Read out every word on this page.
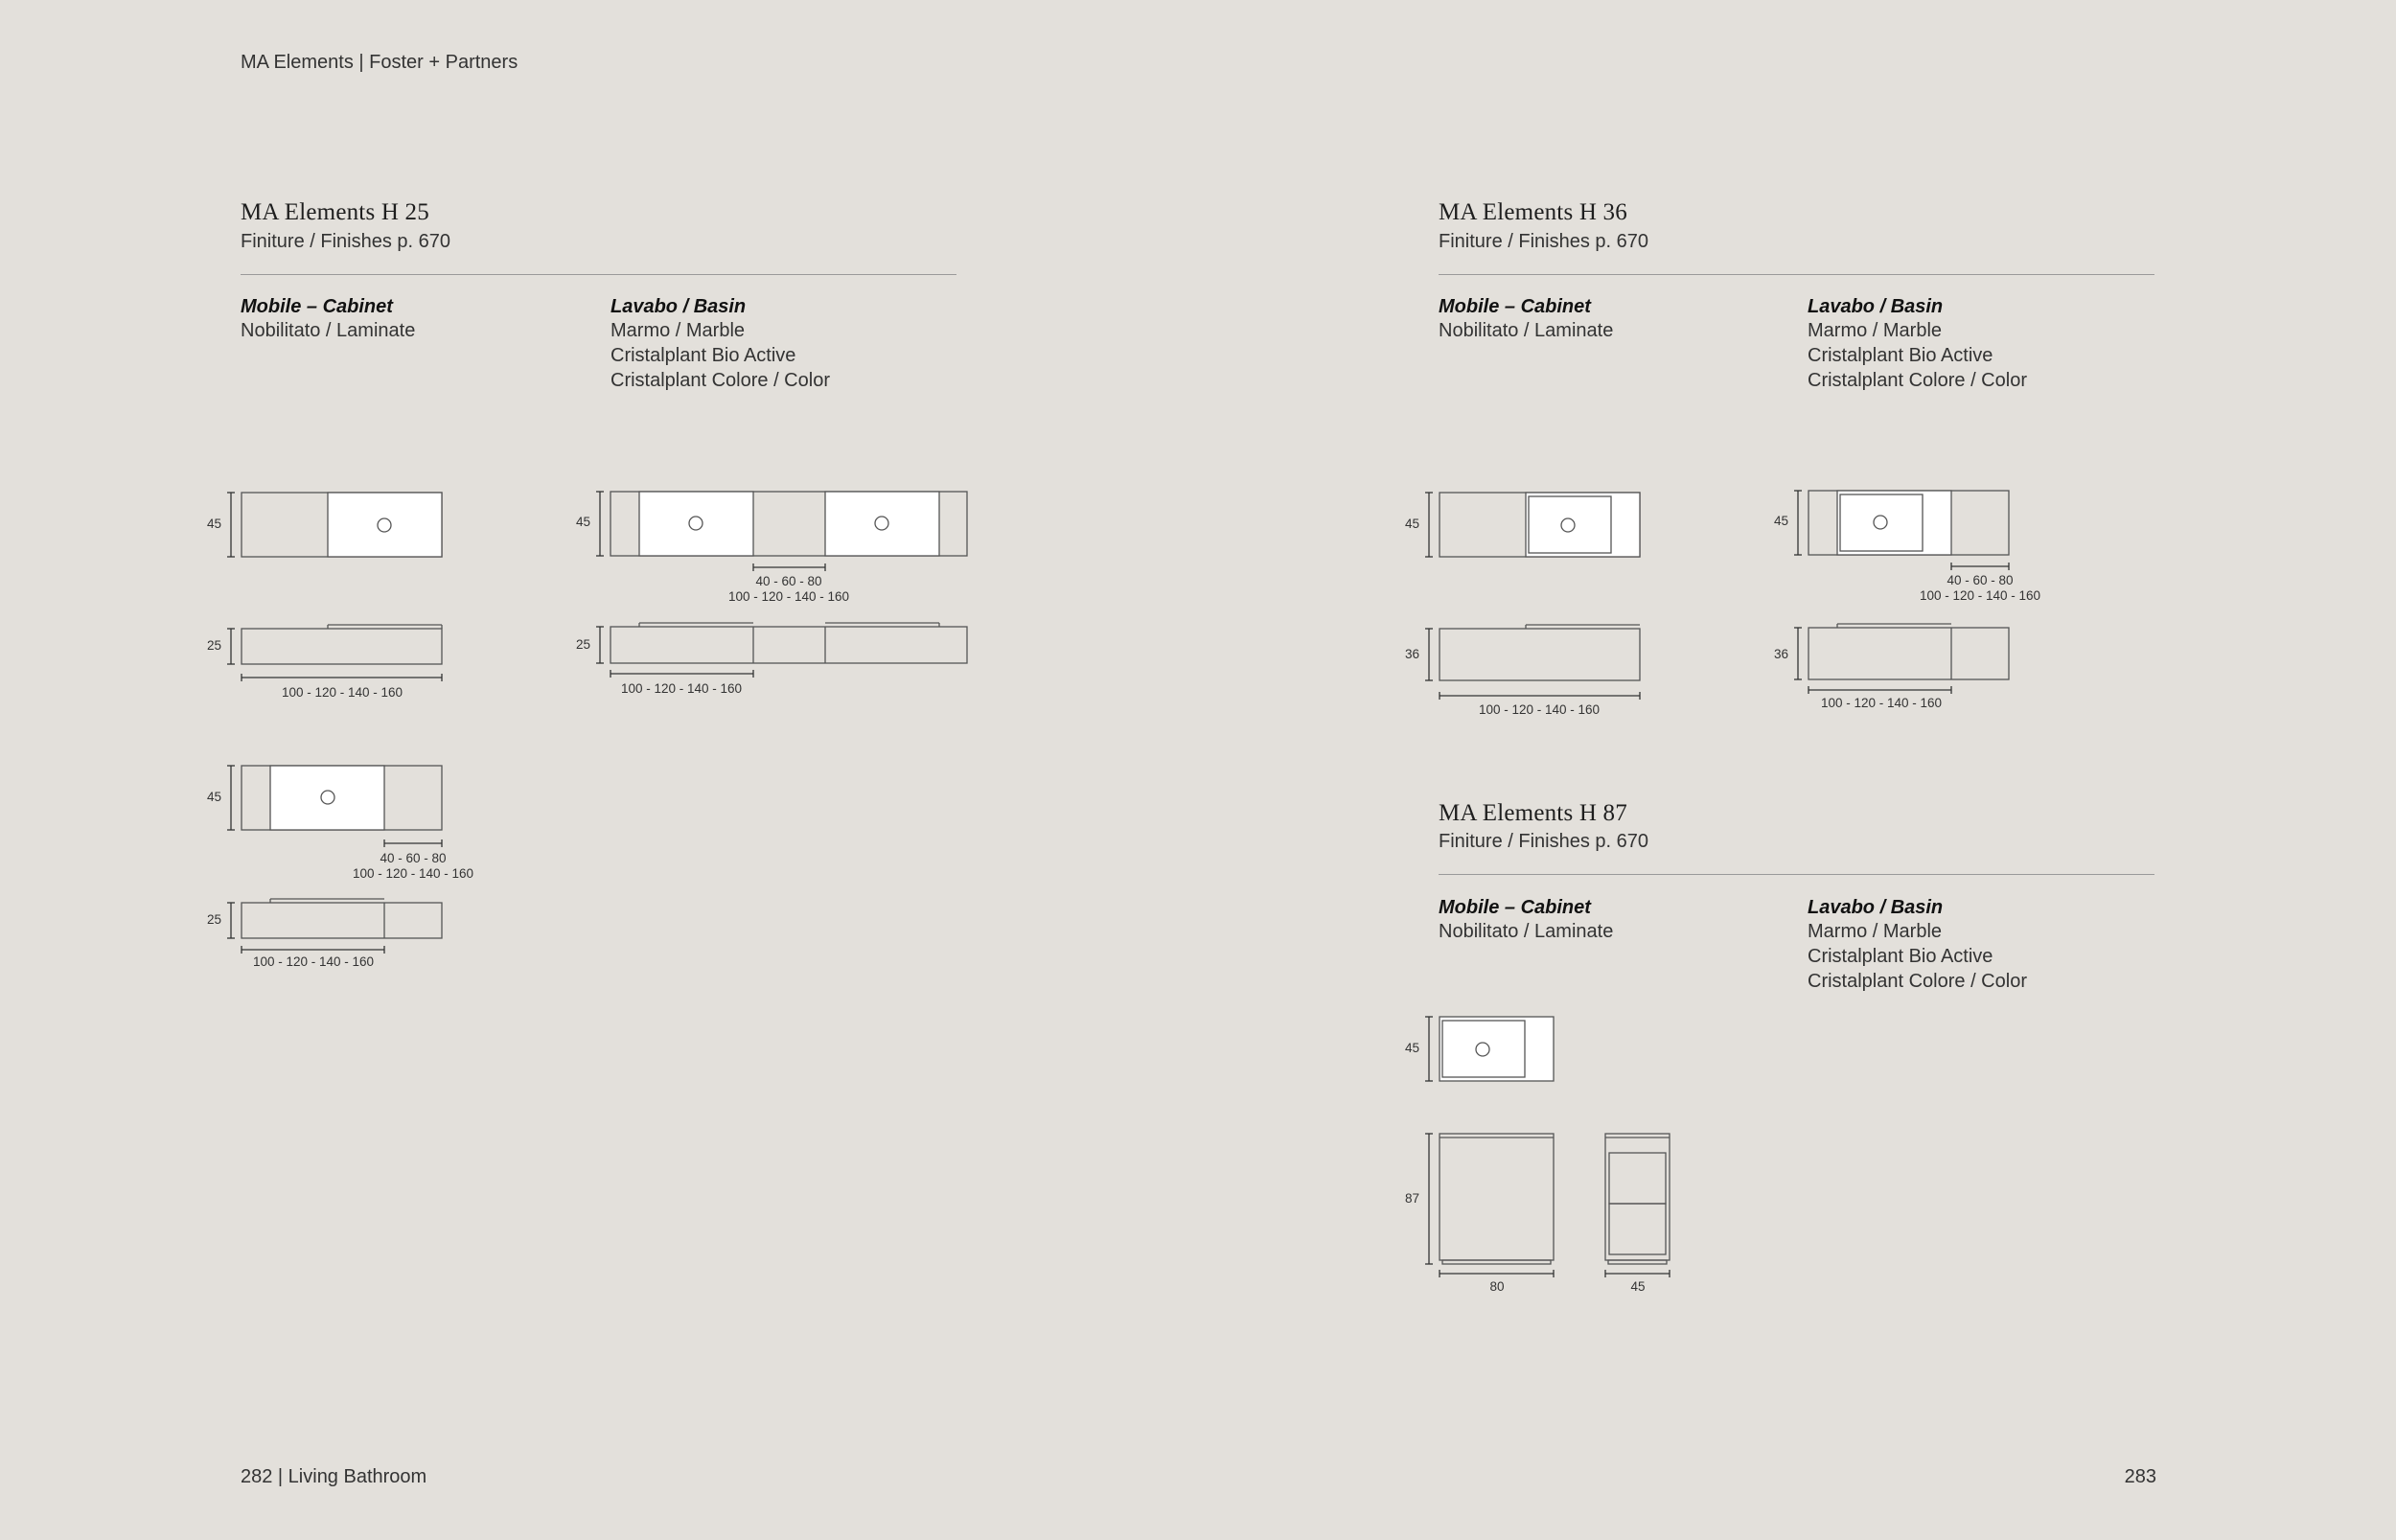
MA Elements | Foster + Partners
282 | Living Bathroom	283
MA Elements H 25
Finiture / Finishes p. 670
Mobile – Cabinet
Nobilitato / Laminate
Lavabo / Basin
Marmo / Marble
Cristalplant Bio Active
Cristalplant Colore / Color
MA Elements H 36
Finiture / Finishes p. 670
Mobile – Cabinet
Nobilitato / Laminate
Lavabo / Basin
Marmo / Marble
Cristalplant Bio Active
Cristalplant Colore / Color
MA Elements H 87
Finiture / Finishes p. 670
Mobile – Cabinet
Nobilitato / Laminate
Lavabo / Basin
Marmo / Marble
Cristalplant Bio Active
Cristalplant Colore / Color
45
25
100 - 120 - 140 - 160
45
40 - 60 - 80
100 - 120 - 140 - 160
25
100 - 120 - 140 - 160
45
40 - 60 - 80
100 - 120 - 140 - 160
25
100 - 120 - 140 - 160
45
36
100 - 120 - 140 - 160
45
40 - 60 - 80
100 - 120 - 140 - 160
36
100 - 120 - 140 - 160
45
87
80	45
